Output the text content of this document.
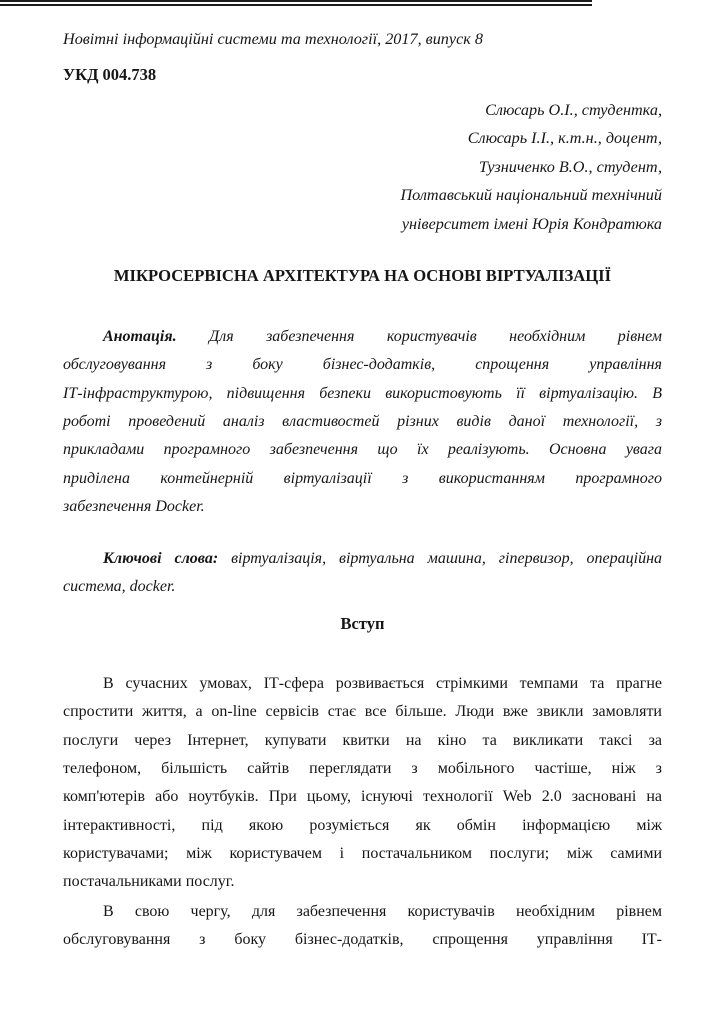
Новітні інформаційні системи та технології, 2017, випуск 8
УКД 004.738
Слюсарь О.І., студентка,
Слюсарь І.І., к.т.н., доцент,
Тузниченко В.О., студент,
Полтавський національний технічний
університет імені Юрія Кондратюка
МІКРОСЕРВІСНА АРХІТЕКТУРА НА ОСНОВІ ВІРТУАЛІЗАЦІЇ
Анотація. Для забезпечення користувачів необхідним рівнем
обслуговування з боку бізнес-додатків, спрощення управління
ІТ-інфраструктурою, підвищення безпеки використовують її віртуалізацію. В
роботі проведений аналіз властивостей різних видів даної технології, з
прикладами програмного забезпечення що їх реалізують. Основна увага
приділена контейнерній віртуалізації з використанням програмного
забезпечення Docker.
Ключові слова: віртуалізація, віртуальна машина, гіпервизор, операційна
система, docker.
Вступ
В сучасних умовах, ІТ-сфера розвивається стрімкими темпами та прагне
спростити життя, а on-line сервісів стає все більше. Люди вже звикли замовляти
послуги через Інтернет, купувати квитки на кіно та викликати таксі за
телефоном, більшість сайтів переглядати з мобільного частіше, ніж з
комп'ютерів або ноутбуків. При цьому, існуючі технології Web 2.0 засновані на
інтерактивності, під якою розуміється як обмін інформацією між
користувачами; між користувачем і постачальником послуги; між самими
постачальниками послуг.
В свою чергу, для забезпечення користувачів необхідним рівнем
обслуговування з боку бізнес-додатків, спрощення управління ІТ-
